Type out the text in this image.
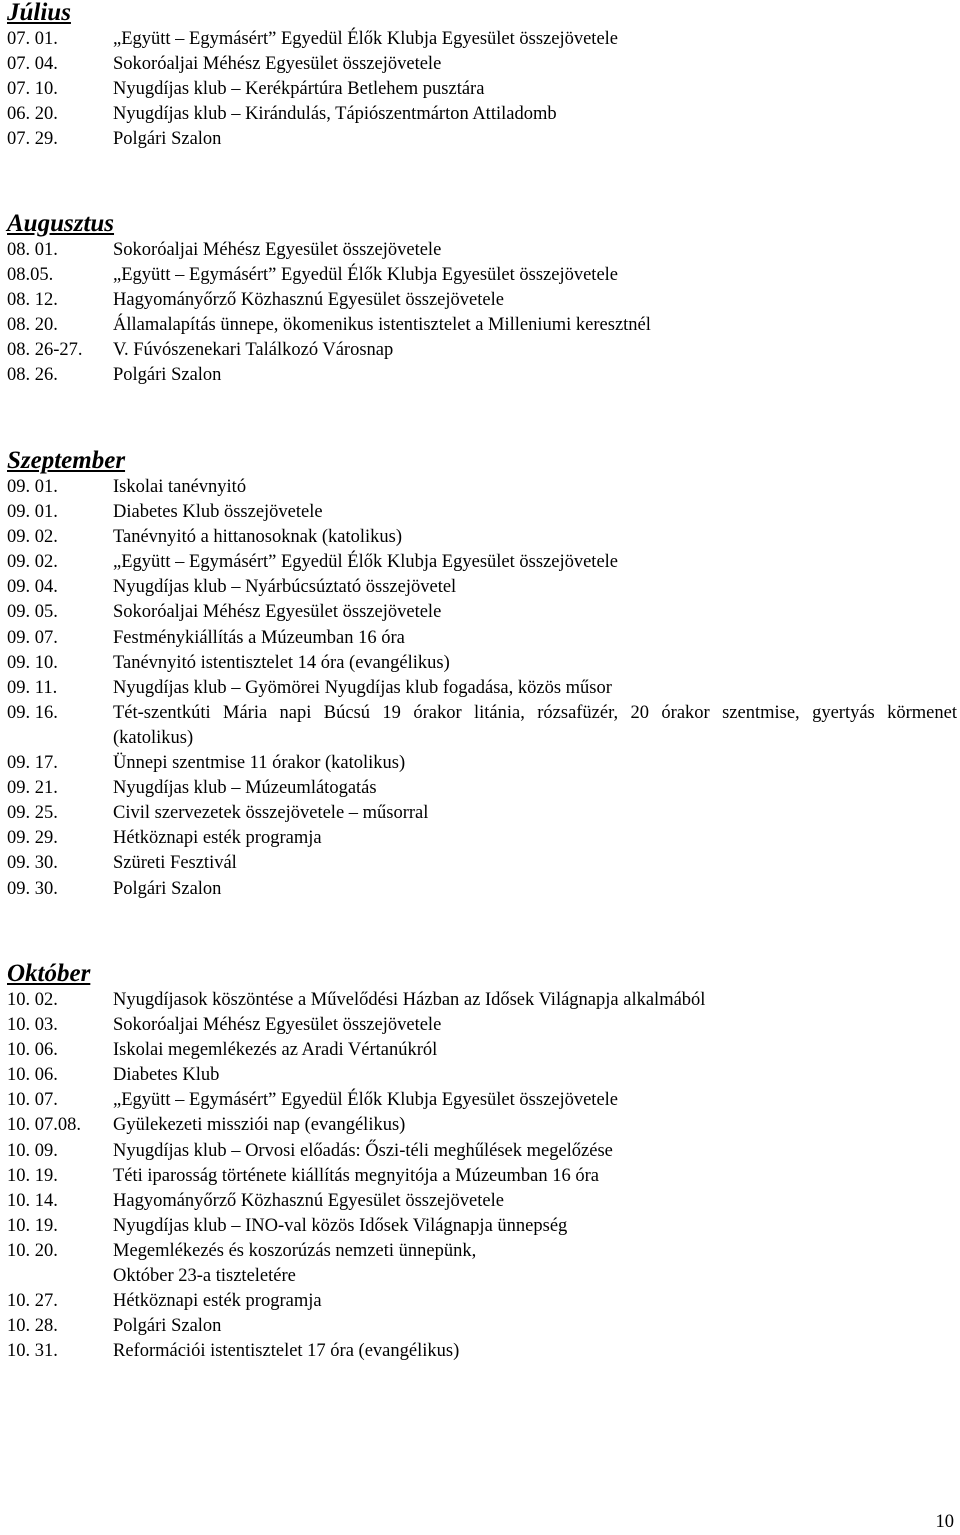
Július
07. 01.	„Együtt – Egymásért” Egyedül Élők Klubja Egyesület összejövetele
07. 04.	Sokoróaljai Méhész Egyesület összejövetele
07. 10.	Nyugdíjas klub – Kerékpártúra Betlehem pusztára
06. 20.	Nyugdíjas klub – Kirándulás, Tápiószentmárton Attiladomb
07. 29.	Polgári Szalon
Augusztus
08. 01.	Sokoróaljai Méhész Egyesület összejövetele
08.05.	„Együtt – Egymásért” Egyedül Élők Klubja Egyesület összejövetele
08. 12.	Hagyományőrző Közhasznú Egyesület összejövetele
08. 20.	Államalapítás ünnepe, ökomenikus istentisztelet a Milleniumi keresztnél
08. 26-27.	V. Fúvószenekari Találkozó Városnap
08. 26.	Polgári Szalon
Szeptember
09. 01.	Iskolai tanévnyitó
09. 01.	Diabetes Klub összejövetele
09. 02.	Tanévnyitó a hittanosoknak (katolikus)
09. 02.	„Együtt – Egymásért” Egyedül Élők Klubja Egyesület összejövetele
09. 04.	Nyugdíjas klub – Nyárbúcsúztató összejövetel
09. 05.	Sokoróaljai Méhész Egyesület összejövetele
09. 07.	Festménykiállítás a Múzeumban 16 óra
09. 10.	Tanévnyitó istentisztelet 14 óra (evangélikus)
09. 11.	Nyugdíjas klub – Gyömörei Nyugdíjas klub fogadása, közös műsor
09. 16.	Tét-szentkúti Mária napi Búcsú 19 órakor litánia, rózsafüzér, 20 órakor szentmise, gyertyás körmenet (katolikus)
09. 17.	Ünnepi szentmise 11 órakor (katolikus)
09. 21.	Nyugdíjas klub – Múzeumlátogatás
09. 25.	Civil szervezetek összejövetele – műsorral
09. 29.	Hétköznapi esték programja
09. 30.	Szüreti Fesztivál
09. 30.	Polgári Szalon
Október
10. 02.	Nyugdíjasok köszöntése a Művelődési Házban az Idősek Világnapja alkalmából
10. 03.	Sokoróaljai Méhész Egyesület összejövetele
10. 06.	Iskolai megemlékezés az Aradi Vértanúkról
10. 06.	Diabetes Klub
10. 07.	„Együtt – Egymásért” Egyedül Élők Klubja Egyesület összejövetele
10. 07.08.	Gyülekezeti missziói nap (evangélikus)
10. 09.	Nyugdíjas klub – Orvosi előadás: Őszi-téli meghűlések megelőzése
10. 19.	Téti iparosság története kiállítás megnyitója a Múzeumban 16 óra
10. 14.	Hagyományőrző Közhasznú Egyesület összejövetele
10. 19.	Nyugdíjas klub – INO-val közös Idősek Világnapja ünnepség
10. 20.	Megemlékezés és koszorúzás nemzeti ünnepünk,
Október 23-a tiszteletére
10. 27.	Hétköznapi esték programja
10. 28.	Polgári Szalon
10. 31.	Reformációi istentisztelet 17 óra (evangélikus)
10
